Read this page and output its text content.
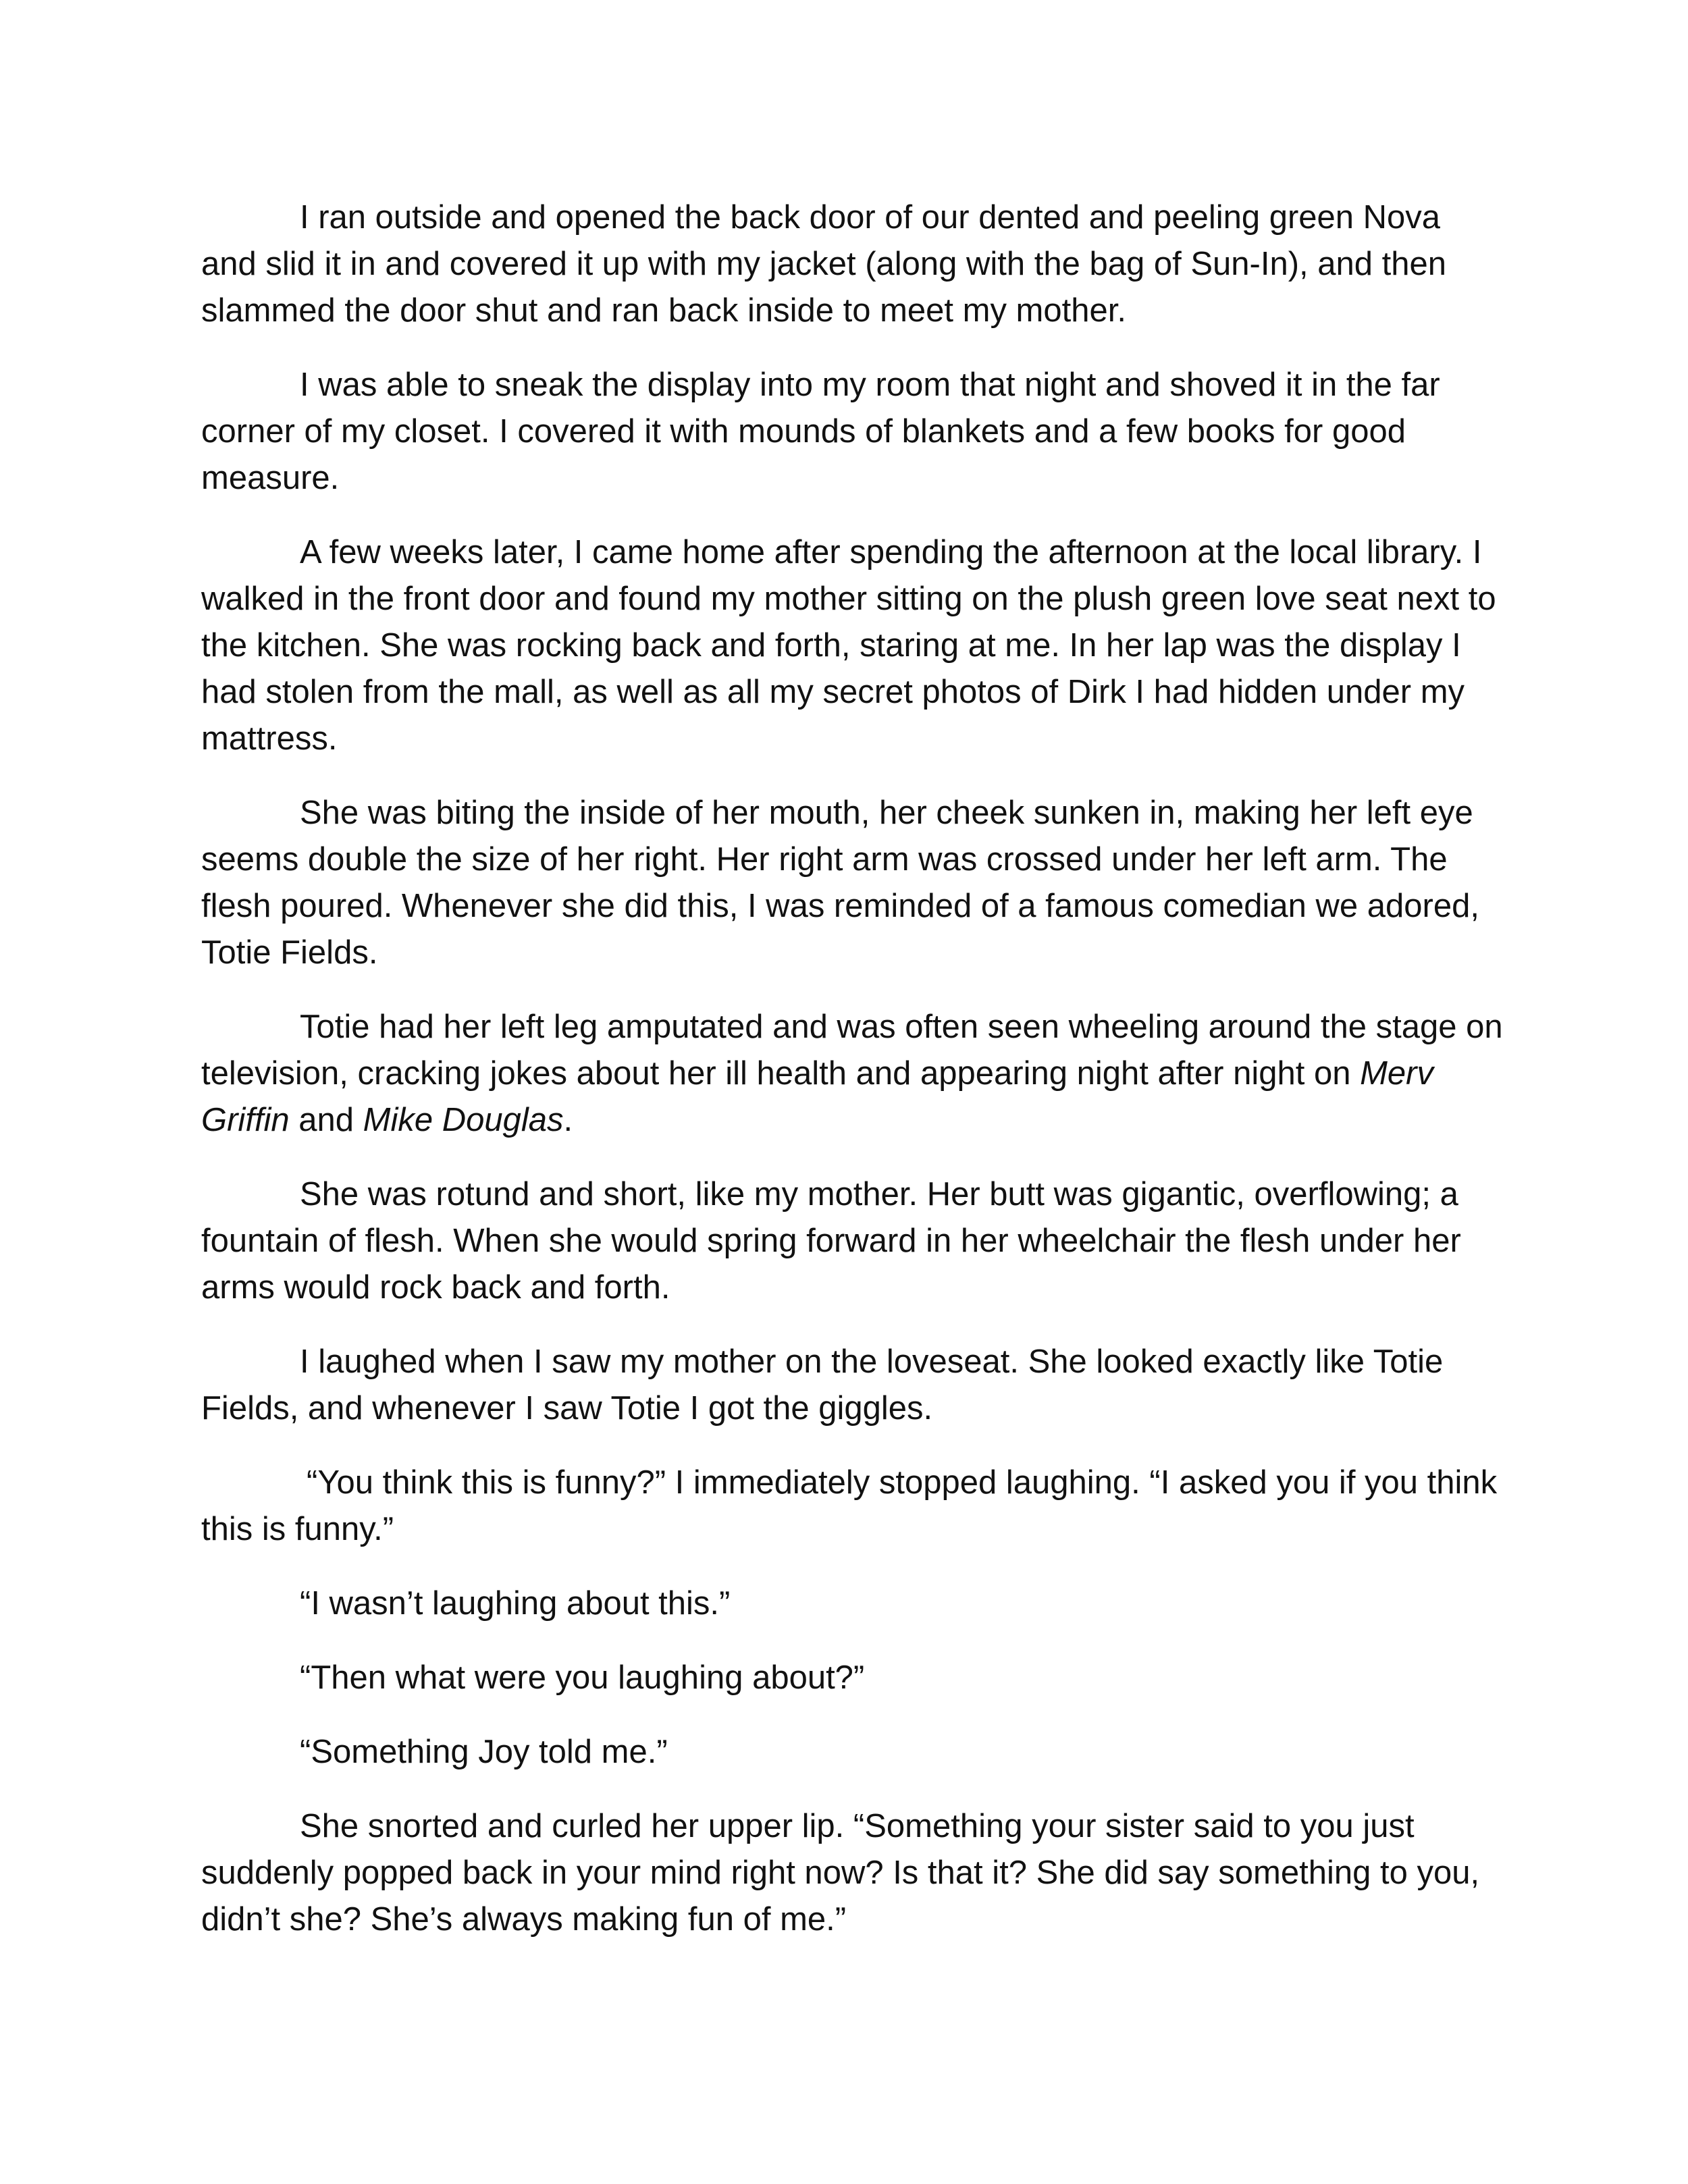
I ran outside and opened the back door of our dented and peeling green Nova and slid it in and covered it up with my jacket (along with the bag of Sun-In), and then slammed the door shut and ran back inside to meet my mother.

I was able to sneak the display into my room that night and shoved it in the far corner of my closet. I covered it with mounds of blankets and a few books for good measure.

A few weeks later, I came home after spending the afternoon at the local library. I walked in the front door and found my mother sitting on the plush green love seat next to the kitchen. She was rocking back and forth, staring at me. In her lap was the display I had stolen from the mall, as well as all my secret photos of Dirk I had hidden under my mattress.

She was biting the inside of her mouth, her cheek sunken in, making her left eye seems double the size of her right. Her right arm was crossed under her left arm. The flesh poured. Whenever she did this, I was reminded of a famous comedian we adored, Totie Fields.

Totie had her left leg amputated and was often seen wheeling around the stage on television, cracking jokes about her ill health and appearing night after night on Merv Griffin and Mike Douglas.

She was rotund and short, like my mother. Her butt was gigantic, overflowing; a fountain of flesh. When she would spring forward in her wheelchair the flesh under her arms would rock back and forth.

I laughed when I saw my mother on the loveseat. She looked exactly like Totie Fields, and whenever I saw Totie I got the giggles.

“You think this is funny?” I immediately stopped laughing. “I asked you if you think this is funny.”

“I wasn’t laughing about this.”

“Then what were you laughing about?”

“Something Joy told me.”

She snorted and curled her upper lip. “Something your sister said to you just suddenly popped back in your mind right now? Is that it? She did say something to you, didn’t she? She’s always making fun of me.”
